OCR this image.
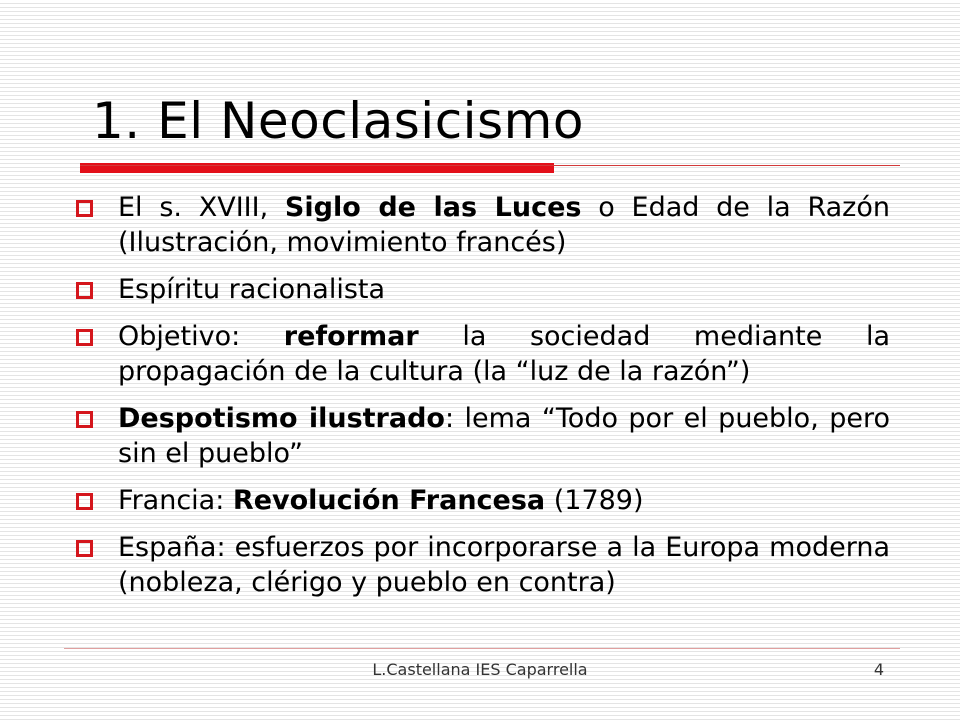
1. El Neoclasicismo
El s. XVIII, Siglo de las Luces o Edad de la Razón (Ilustración, movimiento francés)
Espíritu racionalista
Objetivo: reformar la sociedad mediante la propagación de la cultura (la “luz de la razón”)
Despotismo ilustrado: lema “Todo por el pueblo, pero sin el pueblo”
Francia: Revolución Francesa (1789)
España: esfuerzos por incorporarse a la Europa moderna (nobleza, clérigo y pueblo en contra)
L.Castellana IES Caparrella	4
